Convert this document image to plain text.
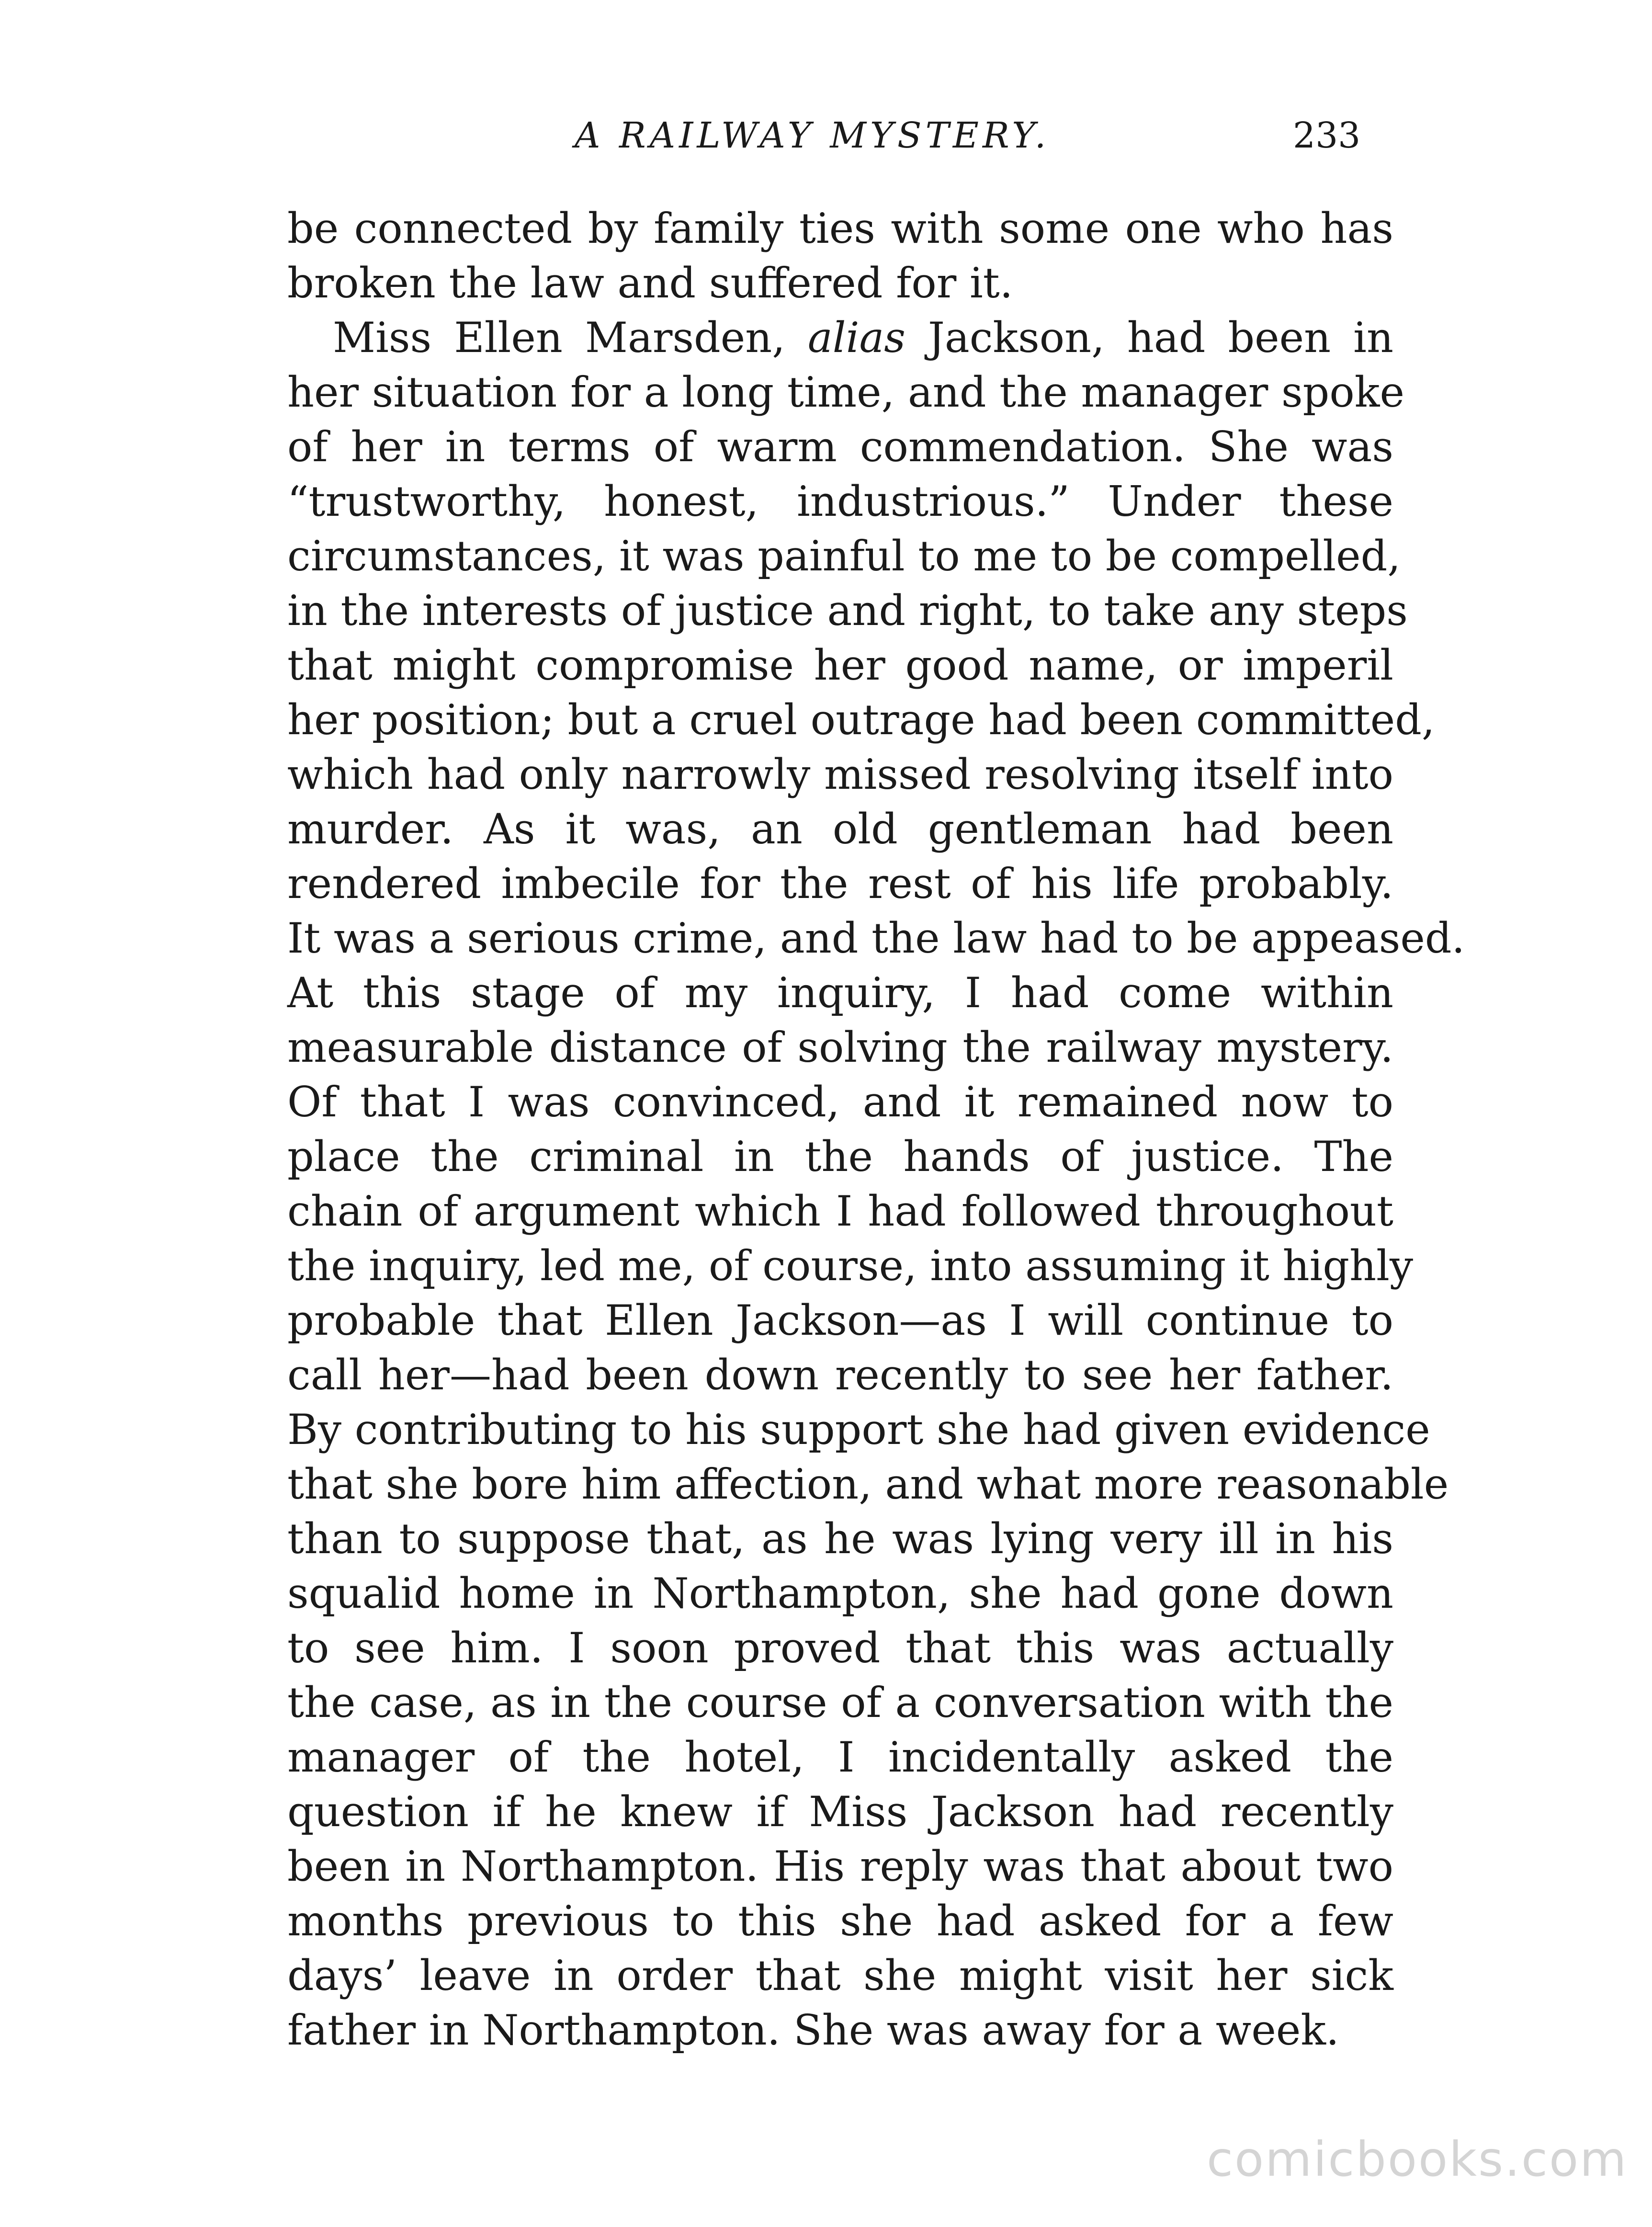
A RAILWAY MYSTERY.	233
be connected by family ties with some one who has
broken the law and suffered for it.
Miss Ellen Marsden, alias Jackson, had been in
her situation for a long time, and the manager spoke
of her in terms of warm commendation. She was
“trustworthy, honest, industrious.” Under these
circumstances, it was painful to me to be compelled,
in the interests of justice and right, to take any steps
that might compromise her good name, or imperil
her position; but a cruel outrage had been committed,
which had only narrowly missed resolving itself into
murder. As it was, an old gentleman had been
rendered imbecile for the rest of his life probably.
It was a serious crime, and the law had to be appeased.
At this stage of my inquiry, I had come within
measurable distance of solving the railway mystery.
Of that I was convinced, and it remained now to
place the criminal in the hands of justice. The
chain of argument which I had followed throughout
the inquiry, led me, of course, into assuming it highly
probable that Ellen Jackson—as I will continue to
call her—had been down recently to see her father.
By contributing to his support she had given evidence
that she bore him affection, and what more reasonable
than to suppose that, as he was lying very ill in his
squalid home in Northampton, she had gone down
to see him. I soon proved that this was actually
the case, as in the course of a conversation with the
manager of the hotel, I incidentally asked the
question if he knew if Miss Jackson had recently
been in Northampton. His reply was that about two
months previous to this she had asked for a few
days’ leave in order that she might visit her sick
father in Northampton. She was away for a week.
comicbooks.com
